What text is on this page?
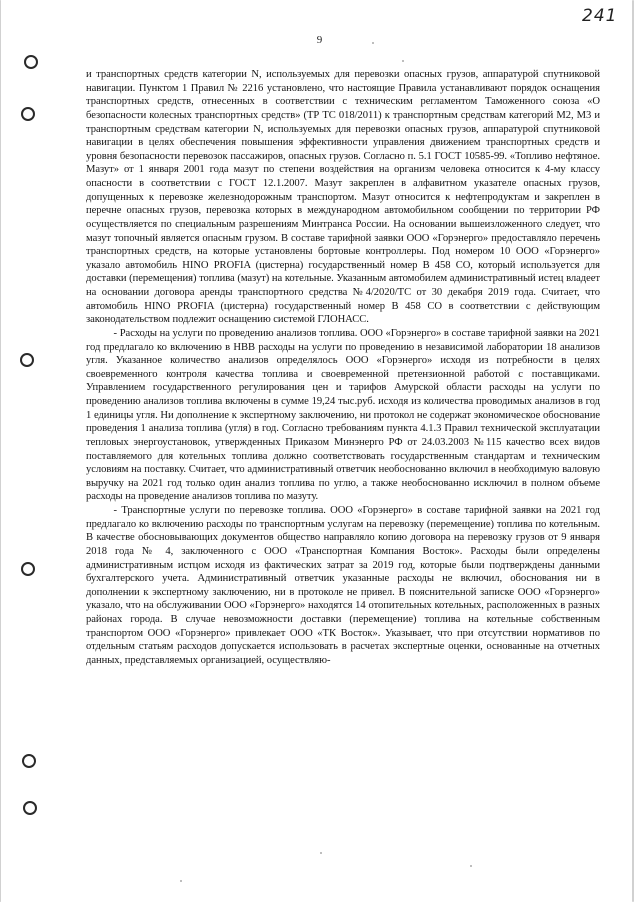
241
9

и транспортных средств категории N, используемых для перевозки опасных грузов, аппаратурой спутниковой навигации. Пунктом 1 Правил № 2216 установлено, что настоящие Правила устанавливают порядок оснащения транспортных средств, отнесенных в соответствии с техническим регламентом Таможенного союза «О безопасности колесных транспортных средств» (ТР ТС 018/2011) к транспортным средствам категорий М2, М3 и транспортным средствам категории N, используемых для перевозки опасных грузов, аппаратурой спутниковой навигации в целях обеспечения повышения эффективности управления движением транспортных средств и уровня безопасности перевозок пассажиров, опасных грузов. Согласно п. 5.1 ГОСТ 10585-99. «Топливо нефтяное. Мазут» от 1 января 2001 года мазут по степени воздействия на организм человека относится к 4-му классу опасности в соответствии с ГОСТ 12.1.2007. Мазут закреплен в алфавитном указателе опасных грузов, допущенных к перевозке железнодорожным транспортом. Мазут относится к нефтепродуктам и закреплен в перечне опасных грузов, перевозка которых в международном автомобильном сообщении по территории РФ осуществляется по специальным разрешениям Минтранса России. На основании вышеизложенного следует, что мазут топочный является опасным грузом. В составе тарифной заявки ООО «Горэнерго» предоставляло перечень транспортных средств, на которые установлены бортовые контроллеры. Под номером 10 ООО «Горэнерго» указало автомобиль HINO PROFIA (цистерна) государственный номер В 458 СО, который используется для доставки (перемещения) топлива (мазут) на котельные. Указанным автомобилем административный истец владеет на основании договора аренды транспортного средства №4/2020/ТС от 30 декабря 2019 года. Считает, что автомобиль HINO PROFIA (цистерна) государственный номер В 458 СО в соответствии с действующим законодательством подлежит оснащению системой ГЛОНАСС.

- Расходы на услуги по проведению анализов топлива. ООО «Горэнерго» в составе тарифной заявки на 2021 год предлагало ко включению в НВВ расходы на услуги по проведению в независимой лаборатории 18 анализов угля. Указанное количество анализов определялось ООО «Горэнерго» исходя из потребности в целях своевременного контроля качества топлива и своевременной претензионной работой с поставщиками. Управлением государственного регулирования цен и тарифов Амурской области расходы на услуги по проведению анализов топлива включены в сумме 19,24 тыс.руб. исходя из количества проводимых анализов в год 1 единицы угля. Ни дополнение к экспертному заключению, ни протокол не содержат экономическое обоснование проведения 1 анализа топлива (угля) в год. Согласно требованиям пункта 4.1.3 Правил технической эксплуатации тепловых энергоустановок, утвержденных Приказом Минэнерго РФ от 24.03.2003 №115 качество всех видов поставляемого для котельных топлива должно соответствовать государственным стандартам и техническим условиям на поставку. Считает, что административный ответчик необоснованно включил в необходимую валовую выручку на 2021 год только один анализ топлива по углю, а также необоснованно исключил в полном объеме расходы на проведение анализов топлива по мазуту.

- Транспортные услуги по перевозке топлива. ООО «Горэнерго» в составе тарифной заявки на 2021 год предлагало ко включению расходы по транспортным услугам на перевозку (перемещение) топлива по котельным. В качестве обосновывающих документов общество направляло копию договора на перевозку грузов от 9 января 2018 года № 4, заключенного с ООО «Транспортная Компания Восток». Расходы были определены административным истцом исходя из фактических затрат за 2019 год, которые были подтверждены данными бухгалтерского учета. Административный ответчик указанные расходы не включил, обоснования ни в дополнении к экспертному заключению, ни в протоколе не привел. В пояснительной записке ООО «Горэнерго» указало, что на обслуживании ООО «Горэнерго» находятся 14 отопительных котельных, расположенных в разных районах города. В случае невозможности доставки (перемещение) топлива на котельные собственным транспортом ООО «Горэнерго» привлекает ООО «ТК Восток». Указывает, что при отсутствии нормативов по отдельным статьям расходов допускается использовать в расчетах экспертные оценки, основанные на отчетных данных, представляемых организацией, осуществляю-
